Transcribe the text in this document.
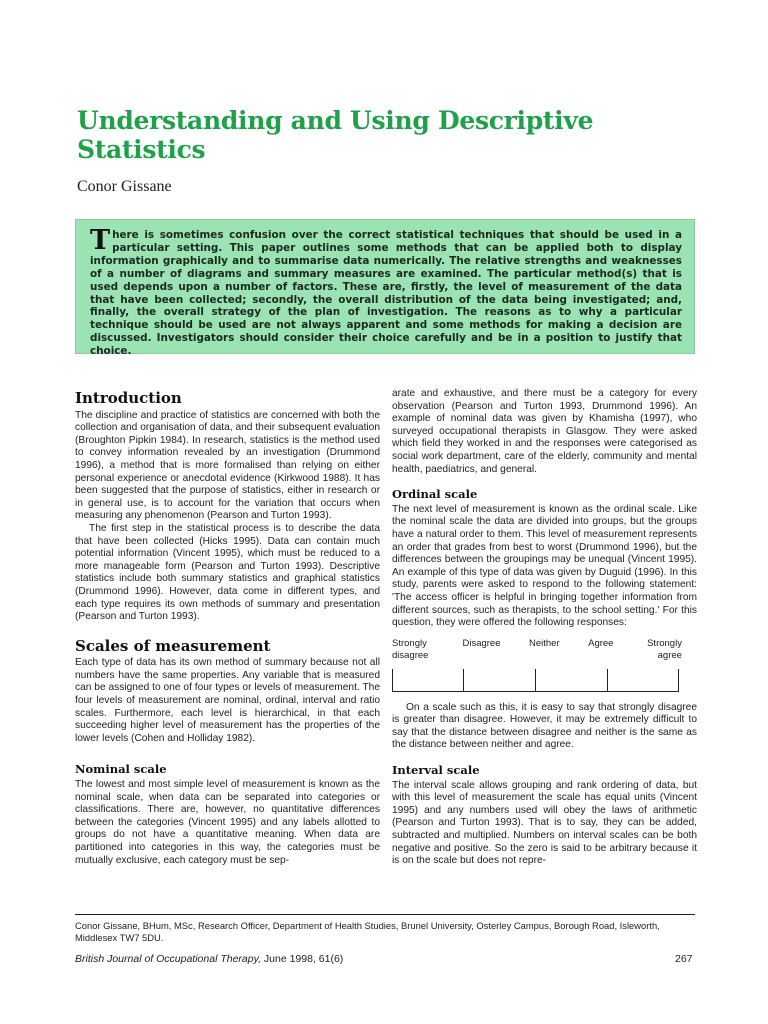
Understanding and Using Descriptive Statistics
Conor Gissane
There is sometimes confusion over the correct statistical techniques that should be used in a particular setting. This paper outlines some methods that can be applied both to display information graphically and to summarise data numerically. The relative strengths and weaknesses of a number of diagrams and summary measures are examined. The particular method(s) that is used depends upon a number of factors. These are, firstly, the level of measurement of the data that have been collected; secondly, the overall distribution of the data being investigated; and, finally, the overall strategy of the plan of investigation. The reasons as to why a particular technique should be used are not always apparent and some methods for making a decision are discussed. Investigators should consider their choice carefully and be in a position to justify that choice.
Introduction

The discipline and practice of statistics are concerned with both the collection and organisation of data, and their subsequent evaluation (Broughton Pipkin 1984). In research, statistics is the method used to convey information revealed by an investigation (Drummond 1996), a method that is more formalised than relying on either personal experience or anecdotal evidence (Kirkwood 1988). It has been suggested that the purpose of statistics, either in research or in general use, is to account for the variation that occurs when measuring any phenomenon (Pearson and Turton 1993).

The first step in the statistical process is to describe the data that have been collected (Hicks 1995). Data can contain much potential information (Vincent 1995), which must be reduced to a more manageable form (Pearson and Turton 1993). Descriptive statistics include both summary statistics and graphical statistics (Drummond 1996). However, data come in different types, and each type requires its own methods of summary and presentation (Pearson and Turton 1993).

Scales of measurement

Each type of data has its own method of summary because not all numbers have the same properties. Any variable that is measured can be assigned to one of four types or levels of measurement. The four levels of measurement are nominal, ordinal, interval and ratio scales. Furthermore, each level is hierarchical, in that each succeeding higher level of measurement has the properties of the lower levels (Cohen and Holliday 1982).

Nominal scale

The lowest and most simple level of measurement is known as the nominal scale, when data can be separated into categories or classifications. There are, however, no quantitative differences between the categories (Vincent 1995) and any labels allotted to groups do not have a quantitative meaning. When data are partitioned into categories in this way, the categories must be mutually exclusive, each category must be sep-

arate and exhaustive, and there must be a category for every observation (Pearson and Turton 1993, Drummond 1996). An example of nominal data was given by Khamisha (1997), who surveyed occupational therapists in Glasgow. They were asked which field they worked in and the responses were categorised as social work department, care of the elderly, community and mental health, paediatrics, and general.

Ordinal scale

The next level of measurement is known as the ordinal scale. Like the nominal scale the data are divided into groups, but the groups have a natural order to them. This level of measurement represents an order that grades from best to worst (Drummond 1996), but the differences between the groupings may be unequal (Vincent 1995). An example of this type of data was given by Duguid (1996). In this study, parents were asked to respond to the following statement: 'The access officer is helpful in bringing together information from different sources, such as therapists, to the school setting.' For this question, they were offered the following responses:

Strongly disagree
Disagree	Neither	Agree	Strongly agree

On a scale such as this, it is easy to say that strongly disagree is greater than disagree. However, it may be extremely difficult to say that the distance between disagree and neither is the same as the distance between neither and agree.

Interval scale

The interval scale allows grouping and rank ordering of data, but with this level of measurement the scale has equal units (Vincent 1995) and any numbers used will obey the laws of arithmetic (Pearson and Turton 1993). That is to say, they can be added, subtracted and multiplied. Numbers on interval scales can be both negative and positive. So the zero is said to be arbitrary because it is on the scale but does not repre-

Conor Gissane, BHum, MSc, Research Officer, Department of Health Studies, Brunel University, Osterley Campus, Borough Road, Isleworth, Middlesex TW7 5DU.
British Journal of Occupational Therapy, June 1998, 61(6)	267
